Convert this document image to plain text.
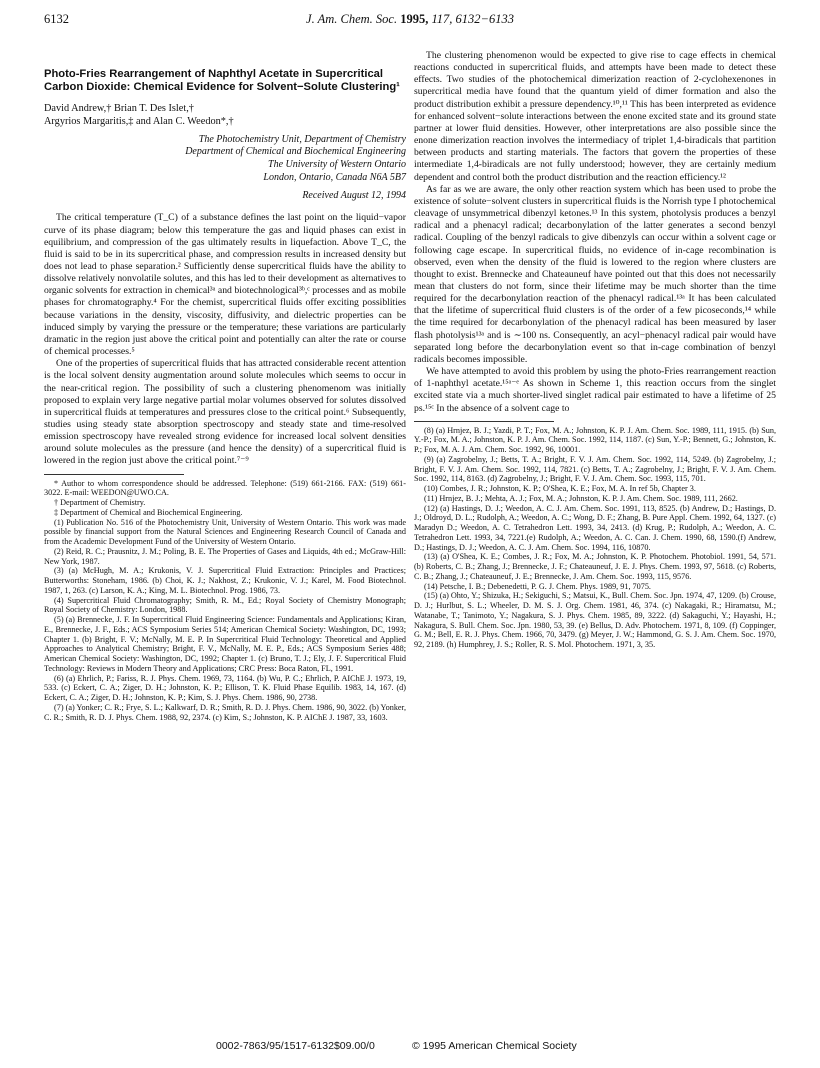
6132	J. Am. Chem. Soc. 1995, 117, 6132−6133
Photo-Fries Rearrangement of Naphthyl Acetate in Supercritical Carbon Dioxide: Chemical Evidence for Solvent−Solute Clustering¹
David Andrew,† Brian T. Des Islet,†
Argyrios Margaritis,‡ and Alan C. Weedon*,†
The Photochemistry Unit, Department of Chemistry
Department of Chemical and Biochemical Engineering
The University of Western Ontario
London, Ontario, Canada N6A 5B7
Received August 12, 1994

The critical temperature (T_C) of a substance defines the last point on the liquid−vapor curve of its phase diagram; below this temperature the gas and liquid phases can exist in equilibrium, and compression of the gas ultimately results in liquefaction. Above T_C, the fluid is said to be in its supercritical phase, and compression results in increased density but does not lead to phase separation.² Sufficiently dense supercritical fluids have the ability to dissolve relatively nonvolatile solutes, and this has led to their development as alternatives to organic solvents for extraction in chemical³ᵃ and biotechnological³ᵇ,ᶜ processes and as mobile phases for chromatography.⁴ For the chemist, supercritical fluids offer exciting possiblities because variations in the density, viscosity, diffusivity, and dielectric properties can be induced simply by varying the pressure or the temperature; these variations are particularly dramatic in the region just above the critical point and potentially can alter the rate or course of chemical processes.⁵

One of the properties of supercritical fluids that has attracted considerable recent attention is the local solvent density augmentation around solute molecules which seems to occur in the near-critical region. The possibility of such a clustering phenomenom was initially proposed to explain very large negative partial molar volumes observed for solutes dissolved in supercritical fluids at temperatures and pressures close to the critical point.⁶ Subsequently, studies using steady state absorption spectroscopy and steady state and time-resolved emission spectroscopy have revealed strong evidence for increased local solvent densities around solute molecules as the pressure (and hence the density) of a supercritical fluid is lowered in the region just above the critical point.⁷⁻⁹

* Author to whom correspondence should be addressed. Telephone: (519) 661-2166. FAX: (519) 661-3022. E-mail: WEEDON@UWO.CA.

† Department of Chemistry.

‡ Department of Chemical and Biochemical Engineering.

(1) Publication No. 516 of the Photochemistry Unit, University of Western Ontario. This work was made possible by financial support from the Natural Sciences and Engineering Research Council of Canada and from the Academic Development Fund of the University of Western Ontario.

(2) Reid, R. C.; Prausnitz, J. M.; Poling, B. E. The Properties of Gases and Liquids, 4th ed.; McGraw-Hill: New York, 1987.

(3) (a) McHugh, M. A.; Krukonis, V. J. Supercritical Fluid Extraction: Principles and Practices; Butterworths: Stoneham, 1986. (b) Choi, K. J.; Nakhost, Z.; Krukonic, V. J.; Karel, M. Food Biotechnol. 1987, 1, 263. (c) Larson, K. A.; King, M. L. Biotechnol. Prog. 1986, 73.

(4) Supercritical Fluid Chromatography; Smith, R. M., Ed.; Royal Society of Chemistry Monograph; Royal Society of Chemistry: London, 1988.

(5) (a) Brennecke, J. F. In Supercritical Fluid Engineering Science: Fundamentals and Applications; Kiran, E., Brennecke, J. F., Eds.; ACS Symposium Series 514; American Chemical Society: Washington, DC, 1993; Chapter 1. (b) Bright, F. V.; McNally, M. E. P. In Supercritical Fluid Technology: Theoretical and Applied Approaches to Analytical Chemistry; Bright, F. V., McNally, M. E. P., Eds.; ACS Symposium Series 488; American Chemical Society: Washington, DC, 1992; Chapter 1. (c) Bruno, T. J.; Ely, J. F. Supercritical Fluid Technology: Reviews in Modern Theory and Applications; CRC Press: Boca Raton, FL, 1991.

(6) (a) Ehrlich, P.; Fariss, R. J. Phys. Chem. 1969, 73, 1164. (b) Wu, P. C.; Ehrlich, P. AIChE J. 1973, 19, 533. (c) Eckert, C. A.; Ziger, D. H.; Johnston, K. P.; Ellison, T. K. Fluid Phase Equilib. 1983, 14, 167. (d) Eckert, C. A.; Ziger, D. H.; Johnston, K. P.; Kim, S. J. Phys. Chem. 1986, 90, 2738.

(7) (a) Yonker; C. R.; Frye, S. L.; Kalkwarf, D. R.; Smith, R. D. J. Phys. Chem. 1986, 90, 3022. (b) Yonker, C. R.; Smith, R. D. J. Phys. Chem. 1988, 92, 2374. (c) Kim, S.; Johnston, K. P. AIChE J. 1987, 33, 1603.

The clustering phenomenon would be expected to give rise to cage effects in chemical reactions conducted in supercritical fluids, and attempts have been made to detect these effects. Two studies of the photochemical dimerization reaction of 2-cyclohexenones in supercritical media have found that the quantum yield of dimer formation and also the product distribution exhibit a pressure dependency.¹⁰,¹¹ This has been interpreted as evidence for enhanced solvent−solute interactions between the enone excited state and its ground state partner at lower fluid densities. However, other interpretations are also possible since the enone dimerization reaction involves the intermediacy of triplet 1,4-biradicals that partition between products and starting materials. The factors that govern the properties of these intermediate 1,4-biradicals are not fully understood; however, they are certainly medium dependent and control both the product distribution and the reaction efficiency.¹²

As far as we are aware, the only other reaction system which has been used to probe the existence of solute−solvent clusters in supercritical fluids is the Norrish type I photochemical cleavage of unsymmetrical dibenzyl ketones.¹³ In this system, photolysis produces a benzyl radical and a phenacyl radical; decarbonylation of the latter generates a second benzyl radical. Coupling of the benzyl radicals to give dibenzyls can occur within a solvent cage or following cage escape. In supercritical fluids, no evidence of in-cage recombination is observed, even when the density of the fluid is lowered to the region where clusters are thought to exist. Brennecke and Chateauneuf have pointed out that this does not necessarily mean that clusters do not form, since their lifetime may be much shorter than the time required for the decarbonylation reaction of the phenacyl radical.¹³ᵃ It has been calculated that the lifetime of supercritical fluid clusters is of the order of a few picoseconds,¹⁴ while the time required for decarbonylation of the phenacyl radical has been measured by laser flash photolysis¹³ᵃ and is ∼100 ns. Consequently, an acyl−phenacyl radical pair would have separated long before the decarbonylation event so that in-cage combination of benzyl radicals becomes impossible.

We have attempted to avoid this problem by using the photo-Fries rearrangement reaction of 1-naphthyl acetate.¹⁵ᵃ⁻ᵉ As shown in Scheme 1, this reaction occurs from the singlet excited state via a much shorter-lived singlet radical pair estimated to have a lifetime of 25 ps.¹⁵ᶜ In the absence of a solvent cage to

(8) (a) Hrnjez, B. J.; Yazdi, P. T.; Fox, M. A.; Johnston, K. P. J. Am. Chem. Soc. 1989, 111, 1915. (b) Sun, Y.-P.; Fox, M. A.; Johnston, K. P. J. Am. Chem. Soc. 1992, 114, 1187. (c) Sun, Y.-P.; Bennett, G.; Johnston, K. P.; Fox, M. A. J. Am. Chem. Soc. 1992, 96, 10001.

(9) (a) Zagrobelny, J.; Betts, T. A.; Bright, F. V. J. Am. Chem. Soc. 1992, 114, 5249. (b) Zagrobelny, J.; Bright, F. V. J. Am. Chem. Soc. 1992, 114, 7821. (c) Betts, T. A.; Zagrobelny, J.; Bright, F. V. J. Am. Chem. Soc. 1992, 114, 8163. (d) Zagrobelny, J.; Bright, F. V. J. Am. Chem. Soc. 1993, 115, 701.

(10) Combes, J. R.; Johnston, K. P.; O'Shea, K. E.; Fox, M. A. In ref 5b, Chapter 3.

(11) Hrnjez, B. J.; Mehta, A. J.; Fox, M. A.; Johnston, K. P. J. Am. Chem. Soc. 1989, 111, 2662.

(12) (a) Hastings, D. J.; Weedon, A. C. J. Am. Chem. Soc. 1991, 113, 8525. (b) Andrew, D.; Hastings, D. J.; Oldroyd, D. L.; Rudolph, A.; Weedon, A. C.; Wong, D. F.; Zhang, B. Pure Appl. Chem. 1992, 64, 1327. (c) Maradyn D.; Weedon, A. C. Tetrahedron Lett. 1993, 34, 2413. (d) Krug, P.; Rudolph, A.; Weedon, A. C. Tetrahedron Lett. 1993, 34, 7221.(e) Rudolph, A.; Weedon, A. C. Can. J. Chem. 1990, 68, 1590.(f) Andrew, D.; Hastings, D. J.; Weedon, A. C. J. Am. Chem. Soc. 1994, 116, 10870.

(13) (a) O'Shea, K. E.; Combes, J. R.; Fox, M. A.; Johnston, K. P. Photochem. Photobiol. 1991, 54, 571. (b) Roberts, C. B.; Zhang, J.; Brennecke, J. F.; Chateauneuf, J. E. J. Phys. Chem. 1993, 97, 5618. (c) Roberts, C. B.; Zhang, J.; Chateauneuf, J. E.; Brennecke, J. Am. Chem. Soc. 1993, 115, 9576.

(14) Petsche, I. B.; Debenedetti, P. G. J. Chem. Phys. 1989, 91, 7075.

(15) (a) Ohto, Y.; Shizuka, H.; Sekiguchi, S.; Matsui, K., Bull. Chem. Soc. Jpn. 1974, 47, 1209. (b) Crouse, D. J.; Hurlbut, S. L.; Wheeler, D. M. S. J. Org. Chem. 1981, 46, 374. (c) Nakagaki, R.; Hiramatsu, M.; Watanabe, T.; Tanimoto, Y.; Nagakura, S. J. Phys. Chem. 1985, 89, 3222. (d) Sakaguchi, Y.; Hayashi, H.; Nakagura, S. Bull. Chem. Soc. Jpn. 1980, 53, 39. (e) Bellus, D. Adv. Photochem. 1971, 8, 109. (f) Coppinger, G. M.; Bell, E. R. J. Phys. Chem. 1966, 70, 3479. (g) Meyer, J. W.; Hammond, G. S. J. Am. Chem. Soc. 1970, 92, 2189. (h) Humphrey, J. S.; Roller, R. S. Mol. Photochem. 1971, 3, 35.

0002-7863/95/1517-6132$09.00/0	© 1995 American Chemical Society
